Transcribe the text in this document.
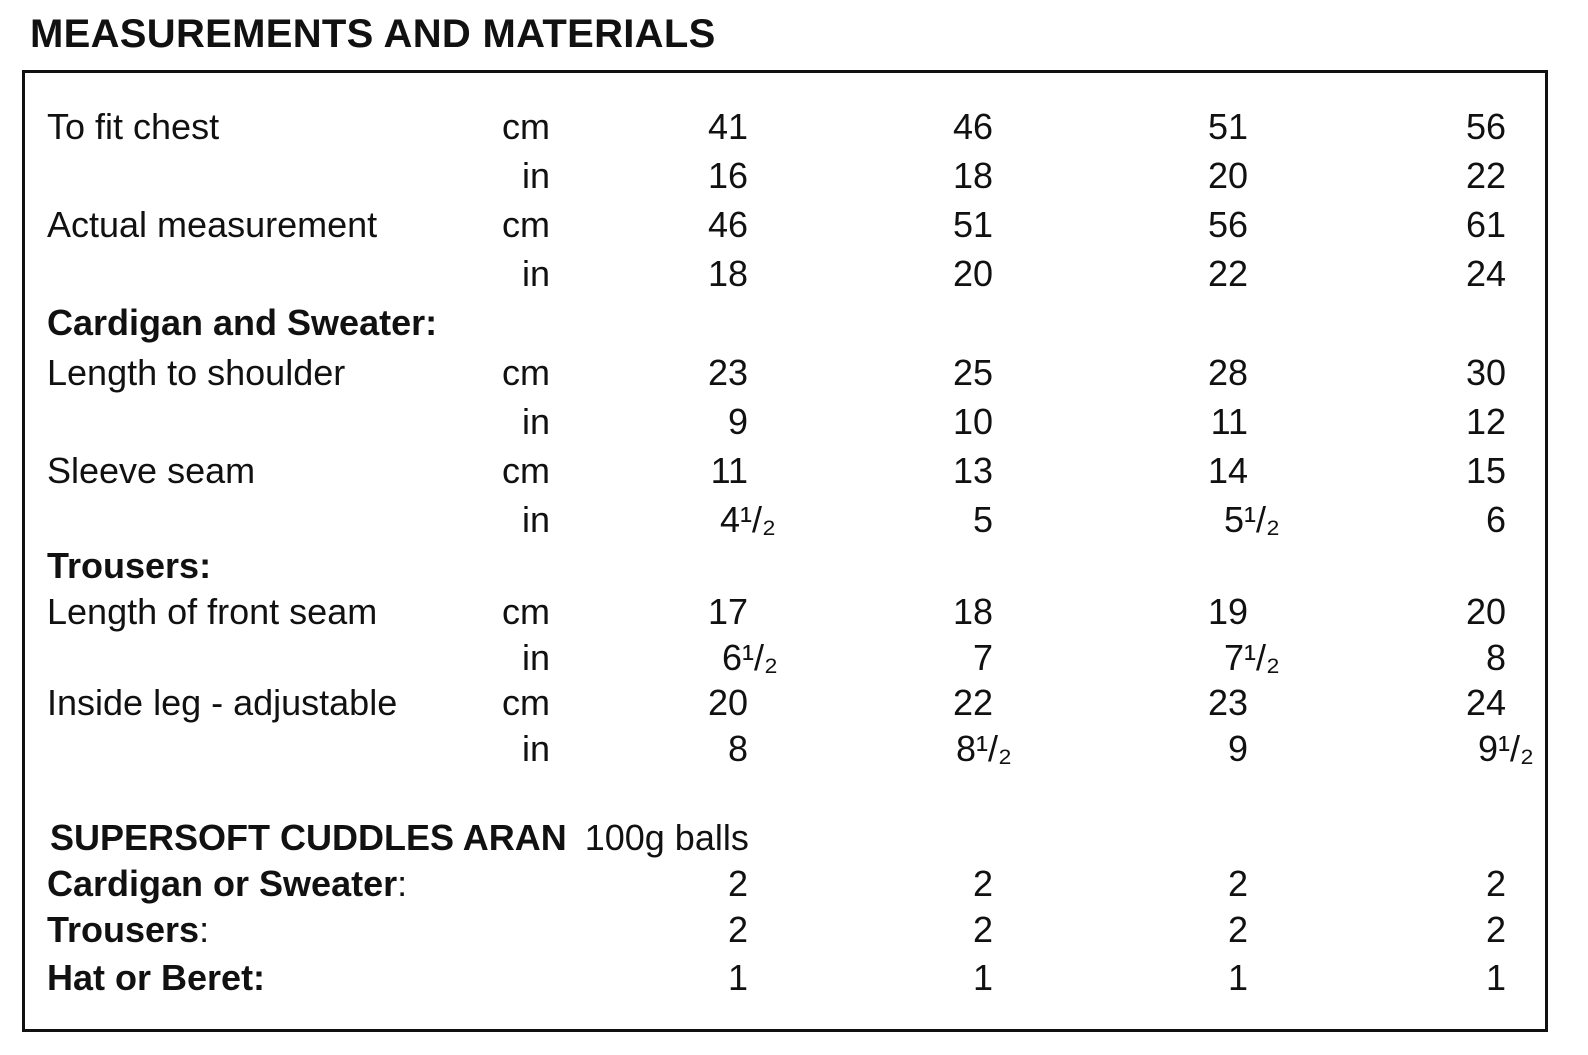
MEASUREMENTS AND MATERIALS
To fit chest	cm	41	46	51	56
in	16	18	20	22
Actual measurement	cm	46	51	56	61
in	18	20	22	24
Cardigan and Sweater:
Length to shoulder	cm	23	25	28	30
in	9	10	11	12
Sleeve seam	cm	11	13	14	15
in	4¹/₂	5	5¹/₂	6
Trousers:
Length of front seam	cm	17	18	19	20
in	6¹/₂	7	7¹/₂	8
Inside leg - adjustable	cm	20	22	23	24
in	8	8¹/₂	9	9¹/₂
SUPERSOFT CUDDLES ARAN 100g balls
Cardigan or Sweater:	2	2	2	2
Trousers:	2	2	2	2
Hat or Beret:	1	1	1	1
